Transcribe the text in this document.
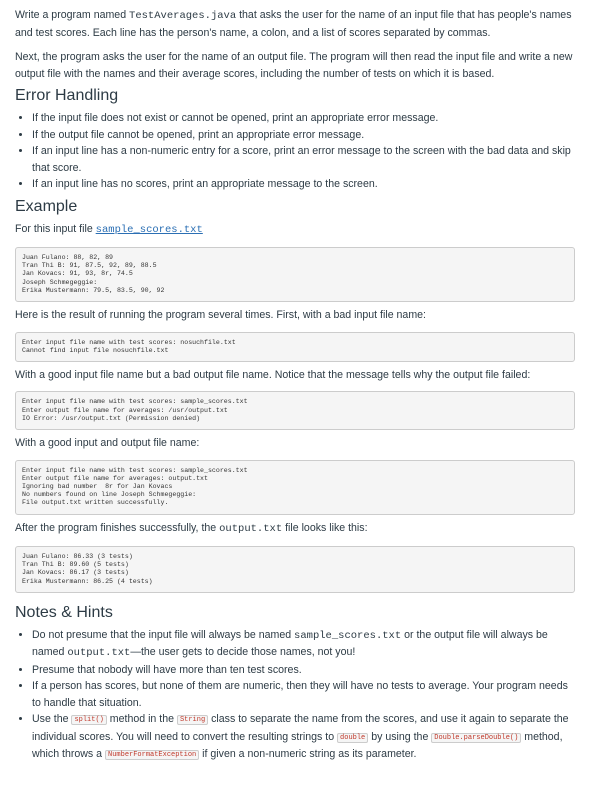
Write a program named TestAverages.java that asks the user for the name of an input file that has people's names and test scores. Each line has the person's name, a colon, and a list of scores separated by commas.

Next, the program asks the user for the name of an output file. The program will then read the input file and write a new output file with the names and their average scores, including the number of tests on which it is based.

Error Handling
• If the input file does not exist or cannot be opened, print an appropriate error message.
• If the output file cannot be opened, print an appropriate error message.
• If an input line has a non-numeric entry for a score, print an error message to the screen with the bad data and skip that score.
• If an input line has no scores, print an appropriate message to the screen.
Example

For this input file sample_scores.txt

Juan Fulano: 88, 82, 89
Tran Thi B: 91, 87.5, 92, 89, 88.5
Jan Kovacs: 91, 93, 8r, 74.5
Joseph Schmegeggie:
Erika Mustermann: 79.5, 83.5, 90, 92

Here is the result of running the program several times. First, with a bad input file name:

Enter input file name with test scores: nosuchfile.txt
Cannot find input file nosuchfile.txt

With a good input file name but a bad output file name. Notice that the message tells why the output file failed:

Enter input file name with test scores: sample_scores.txt
Enter output file name for averages: /usr/output.txt
IO Error: /usr/output.txt (Permission denied)

With a good input and output file name:

Enter input file name with test scores: sample_scores.txt
Enter output file name for averages: output.txt
Ignoring bad number  8r for Jan Kovacs
No numbers found on line Joseph Schmegeggie:
File output.txt written successfully.

After the program finishes successfully, the output.txt file looks like this:

Juan Fulano: 86.33 (3 tests)
Tran Thi B: 89.60 (5 tests)
Jan Kovacs: 86.17 (3 tests)
Erika Mustermann: 86.25 (4 tests)
Notes & Hints
• Do not presume that the input file will always be named sample_scores.txt or the output file will always be named output.txt—the user gets to decide those names, not you!
• Presume that nobody will have more than ten test scores.
• If a person has scores, but none of them are numeric, then they will have no tests to average. Your program needs to handle that situation.
• Use the split() method in the String class to separate the name from the scores, and use it again to separate the individual scores. You will need to convert the resulting strings to double by using the Double.parseDouble() method, which throws a NumberFormatException if given a non-numeric string as its parameter.
